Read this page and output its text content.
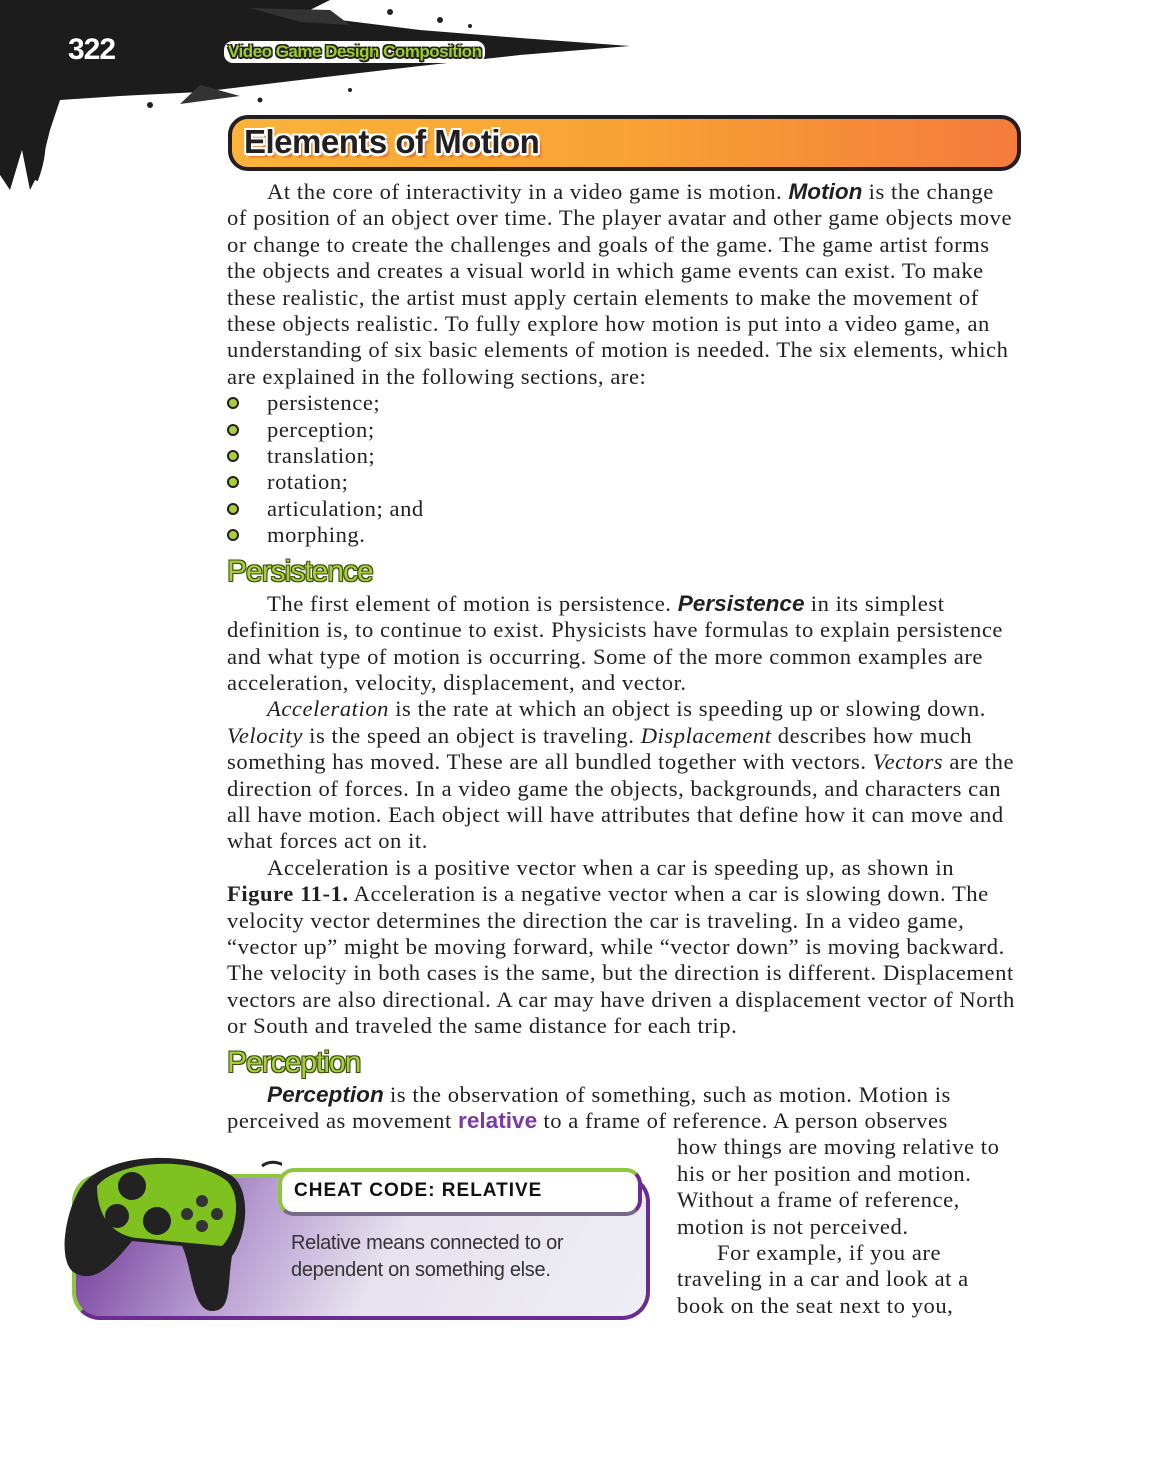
322	Video Game Design Composition
Elements of Motion

At the core of interactivity in a video game is motion. Motion is the change of position of an object over time. The player avatar and other game objects move or change to create the challenges and goals of the game. The game artist forms the objects and creates a visual world in which game events can exist. To make these realistic, the artist must apply certain elements to make the movement of these objects realistic. To fully explore how motion is put into a video game, an understanding of six basic elements of motion is needed. The six elements, which are explained in the following sections, are:

persistence;
perception;
translation;
rotation;
articulation; and
morphing.
Persistence

The first element of motion is persistence. Persistence in its simplest definition is, to continue to exist. Physicists have formulas to explain persistence and what type of motion is occurring. Some of the more common examples are acceleration, velocity, displacement, and vector.

Acceleration is the rate at which an object is speeding up or slowing down. Velocity is the speed an object is traveling. Displacement describes how much something has moved. These are all bundled together with vectors. Vectors are the direction of forces. In a video game the objects, backgrounds, and characters can all have motion. Each object will have attributes that define how it can move and what forces act on it.

Acceleration is a positive vector when a car is speeding up, as shown in Figure 11-1. Acceleration is a negative vector when a car is slowing down. The velocity vector determines the direction the car is traveling. In a video game, “vector up” might be moving forward, while “vector down” is moving backward. The velocity in both cases is the same, but the direction is different. Displacement vectors are also directional. A car may have driven a displacement vector of North or South and traveled the same distance for each trip.

Perception

Perception is the observation of something, such as motion. Motion is perceived as movement relative to a frame of reference. A person observes

CHEAT CODE: RELATIVE
Relative means connected to or dependent on something else.

how things are moving relative to his or her position and motion. Without a frame of reference, motion is not perceived.

For example, if you are traveling in a car and look at a book on the seat next to you,
